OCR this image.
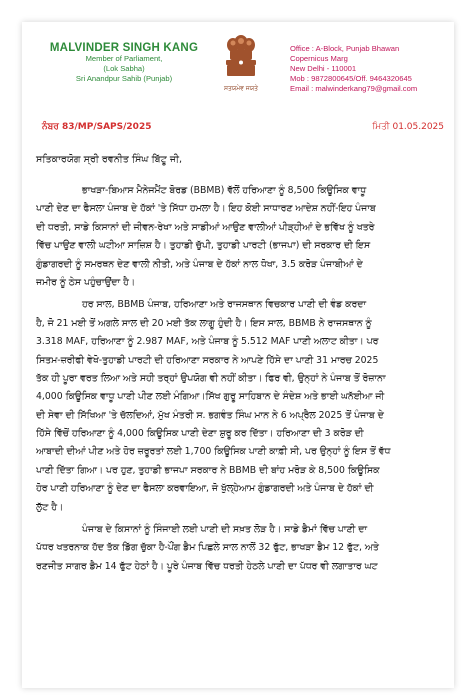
MALVINDER SINGH KANG
Member of Parliament,
(Lok Sabha)
Sri Anandpur Sahib (Punjab)
ਸਤਯਮੇਵ ਜਯਤੇ
Office : A-Block, Punjab Bhawan
Copernicus Marg
New Delhi - 110001
Mob : 9872800645/Off. 9464320645
Email : malwinderkang79@gmail.com
ਨੰਬਰ 83/MP/SAPS/2025	ਮਿਤੀ 01.05.2025
ਸਤਿਕਾਰਯੋਗ ਸ੍ਰੀ ਰਵਨੀਤ ਸਿੰਘ ਬਿੱਟੂ ਜੀ,
ਭਾਖੜਾ-ਬਿਆਸ ਮੈਨੇਜਮੈਂਟ ਬੋਰਡ (BBMB) ਵੱਲੋਂ ਹਰਿਆਣਾ ਨੂੰ 8,500 ਕਿਊਸਿਕ ਵਾਧੂ
ਪਾਣੀ ਦੇਣ ਦਾ ਫੈਸਲਾ ਪੰਜਾਬ ਦੇ ਹੱਕਾਂ 'ਤੇ ਸਿੱਧਾ ਹਮਲਾ ਹੈ। ਇਹ ਕੋਈ ਸਾਧਾਰਣ ਆਦੇਸ਼ ਨਹੀਂ-ਇਹ ਪੰਜਾਬ
ਦੀ ਧਰਤੀ, ਸਾਡੇ ਕਿਸਾਨਾਂ ਦੀ ਜੀਵਨ-ਰੇਖਾ ਅਤੇ ਸਾਡੀਆਂ ਆਉਣ ਵਾਲੀਆਂ ਪੀੜ੍ਹੀਆਂ ਦੇ ਭਵਿੱਖ ਨੂੰ ਖਤਰੇ
ਵਿੱਚ ਪਾਉਣ ਵਾਲੀ ਘਟੀਆ ਸਾਜ਼ਿਸ਼ ਹੈ। ਤੁਹਾਡੀ ਚੁੱਪੀ, ਤੁਹਾਡੀ ਪਾਰਟੀ (ਭਾਜਪਾ) ਦੀ ਸਰਕਾਰ ਦੀ ਇਸ
ਗੁੰਡਾਗਰਦੀ ਨੂੰ ਸਮਰਥਨ ਦੇਣ ਵਾਲੀ ਨੀਤੀ, ਅਤੇ ਪੰਜਾਬ ਦੇ ਹੱਕਾਂ ਨਾਲ ਧੋਖਾ, 3.5 ਕਰੋੜ ਪੰਜਾਬੀਆਂ ਦੇ
ਜਮੀਰ ਨੂੰ ਠੇਸ ਪਹੁੰਚਾਉਂਦਾ ਹੈ।
ਹਰ ਸਾਲ, BBMB ਪੰਜਾਬ, ਹਰਿਆਣਾ ਅਤੇ ਰਾਜਸਥਾਨ ਵਿਚਕਾਰ ਪਾਣੀ ਦੀ ਵੰਡ ਕਰਦਾ
ਹੈ, ਜੋ 21 ਮਈ ਤੋਂ ਅਗਲੇ ਸਾਲ ਦੀ 20 ਮਈ ਤੱਕ ਲਾਗੂ ਹੁੰਦੀ ਹੈ। ਇਸ ਸਾਲ, BBMB ਨੇ ਰਾਜਸਥਾਨ ਨੂੰ
3.318 MAF, ਹਰਿਆਣਾ ਨੂੰ 2.987 MAF, ਅਤੇ ਪੰਜਾਬ ਨੂੰ 5.512 MAF ਪਾਣੀ ਅਲਾਟ ਕੀਤਾ। ਪਰ
ਸਿਤਮ-ਜ਼ਰੀਫੀ ਵੇਖੋ-ਤੁਹਾਡੀ ਪਾਰਟੀ ਦੀ ਹਰਿਆਣਾ ਸਰਕਾਰ ਨੇ ਆਪਣੇ ਹਿੱਸੇ ਦਾ ਪਾਣੀ 31 ਮਾਰਚ 2025
ਤੱਕ ਹੀ ਪੂਰਾ ਵਰਤ ਲਿਆ ਅਤੇ ਸਹੀ ਤਰ੍ਹਾਂ ਉਪਯੋਗ ਵੀ ਨਹੀਂ ਕੀਤਾ। ਫਿਰ ਵੀ, ਉਨ੍ਹਾਂ ਨੇ ਪੰਜਾਬ ਤੋਂ ਰੋਜ਼ਾਨਾ
4,000 ਕਿਊਸਿਕ ਵਾਧੂ ਪਾਣੀ ਪੀਣ ਲਈ ਮੰਗਿਆ।ਸਿੱਖ ਗੁਰੂ ਸਾਹਿਬਾਨ ਦੇ ਸੰਦੇਸ਼ ਅਤੇ ਭਾਈ ਘਨੱਈਆ ਜੀ
ਦੀ ਸੇਵਾ ਦੀ ਸਿੱਖਿਆ 'ਤੇ ਚੱਲਦਿਆਂ, ਮੁੱਖ ਮੰਤਰੀ ਸ. ਭਗਵੰਤ ਸਿੰਘ ਮਾਨ ਨੇ 6 ਅਪ੍ਰੈਲ 2025 ਤੋਂ ਪੰਜਾਬ ਦੇ
ਹਿੱਸੇ ਵਿੱਚੋਂ ਹਰਿਆਣਾ ਨੂੰ 4,000 ਕਿਊਸਿਕ ਪਾਣੀ ਦੇਣਾ ਸ਼ੁਰੂ ਕਰ ਦਿੱਤਾ। ਹਰਿਆਣਾ ਦੀ 3 ਕਰੋੜ ਦੀ
ਆਬਾਦੀ ਦੀਆਂ ਪੀਣ ਅਤੇ ਹੋਰ ਜ਼ਰੂਰਤਾਂ ਲਈ 1,700 ਕਿਊਸਿਕ ਪਾਣੀ ਕਾਫ਼ੀ ਸੀ, ਪਰ ਉਨ੍ਹਾਂ ਨੂੰ ਇਸ ਤੋਂ ਵੱਧ
ਪਾਣੀ ਦਿੱਤਾ ਗਿਆ। ਪਰ ਹੁਣ, ਤੁਹਾਡੀ ਭਾਜਪਾ ਸਰਕਾਰ ਨੇ BBMB ਦੀ ਬਾਂਹ ਮਰੋੜ ਕੇ 8,500 ਕਿਊਸਿਕ
ਹੋਰ ਪਾਣੀ ਹਰਿਆਣਾ ਨੂੰ ਦੇਣ ਦਾ ਫੈਸਲਾ ਕਰਵਾਇਆ, ਜੋ ਖੁੱਲ੍ਹੇਆਮ ਗੁੰਡਾਗਰਦੀ ਅਤੇ ਪੰਜਾਬ ਦੇ ਹੱਕਾਂ ਦੀ
ਲੁੱਟ ਹੈ।
ਪੰਜਾਬ ਦੇ ਕਿਸਾਨਾਂ ਨੂੰ ਸਿੰਜਾਈ ਲਈ ਪਾਣੀ ਦੀ ਸਖ਼ਤ ਲੋੜ ਹੈ। ਸਾਡੇ ਡੈਮਾਂ ਵਿੱਚ ਪਾਣੀ ਦਾ
ਪੱਧਰ ਖਤਰਨਾਕ ਹੱਦ ਤੱਕ ਡਿੱਗ ਚੁੱਕਾ ਹੈ-ਪੌਂਗ ਡੈਮ ਪਿਛਲੇ ਸਾਲ ਨਾਲੋਂ 32 ਫੁੱਟ, ਭਾਖੜਾ ਡੈਮ 12 ਫੁੱਟ, ਅਤੇ
ਰਣਜੀਤ ਸਾਗਰ ਡੈਮ 14 ਫੁੱਟ ਹੇਠਾਂ ਹੈ। ਪੂਰੇ ਪੰਜਾਬ ਵਿੱਚ ਧਰਤੀ ਹੇਠਲੇ ਪਾਣੀ ਦਾ ਪੱਧਰ ਵੀ ਲਗਾਤਾਰ ਘਟ
